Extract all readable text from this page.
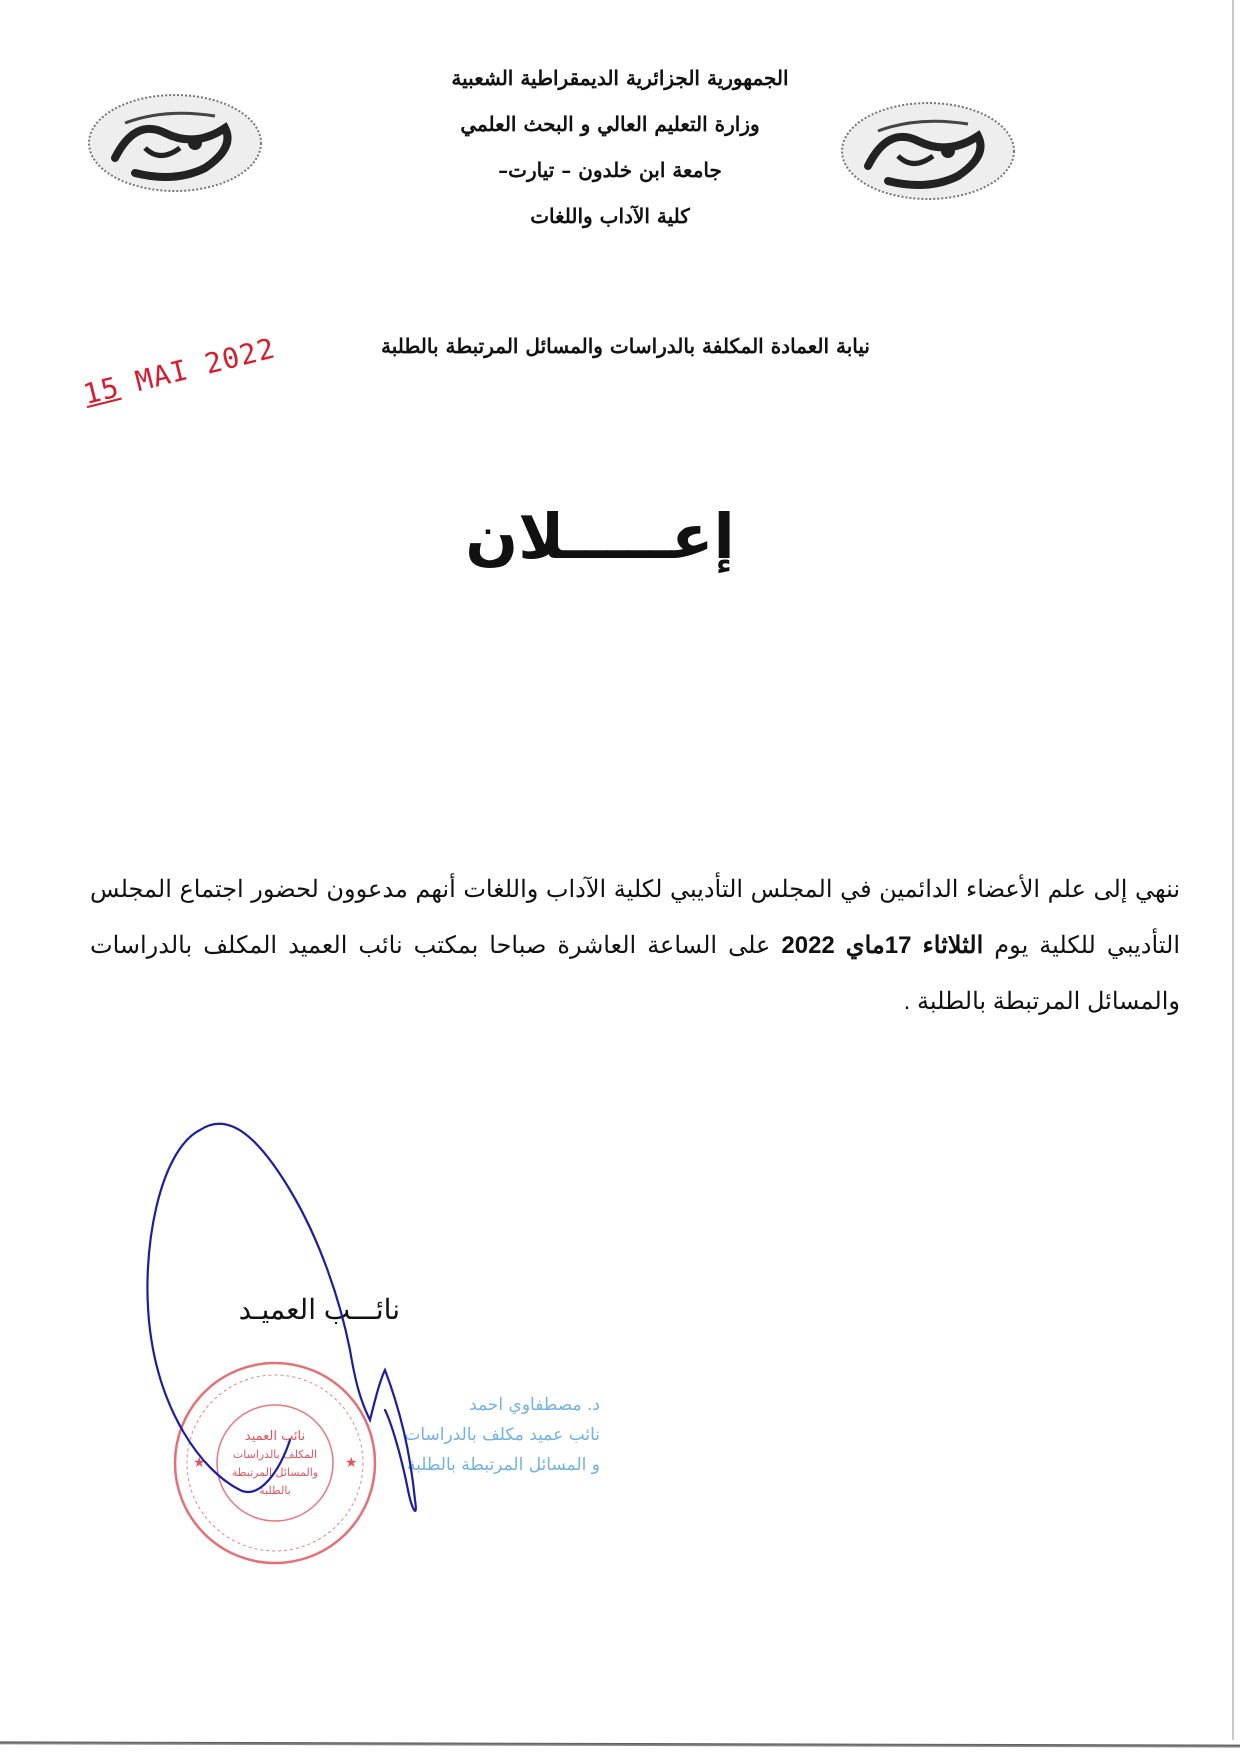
الجمهورية الجزائرية الديمقراطية الشعبية
وزارة التعليم العالي و البحث العلمي
جامعة ابن خلدون – تيارت–
كلية الآداب واللغات
نيابة العمادة المكلفة بالدراسات والمسائل المرتبطة بالطلبة
15 MAI 2022
إعـــــلان
ننهي إلى علم الأعضاء الدائمين في المجلس التأديبي لكلية الآداب واللغات أنهم مدعوون لحضور اجتماع المجلس التأديبي للكلية يوم الثلاثاء 17ماي 2022 على الساعة العاشرة صباحا بمكتب نائب العميد المكلف بالدراسات والمسائل المرتبطة بالطلبة .
نائب العميد
المكلف بالدراسات
والمسائل المرتبطة
بالطلبة
★	★
د. مصطفاوي احمد
نائب عميد مكلف بالدراسات
و المسائل المرتبطة بالطلبة
نائـــب العميـد
